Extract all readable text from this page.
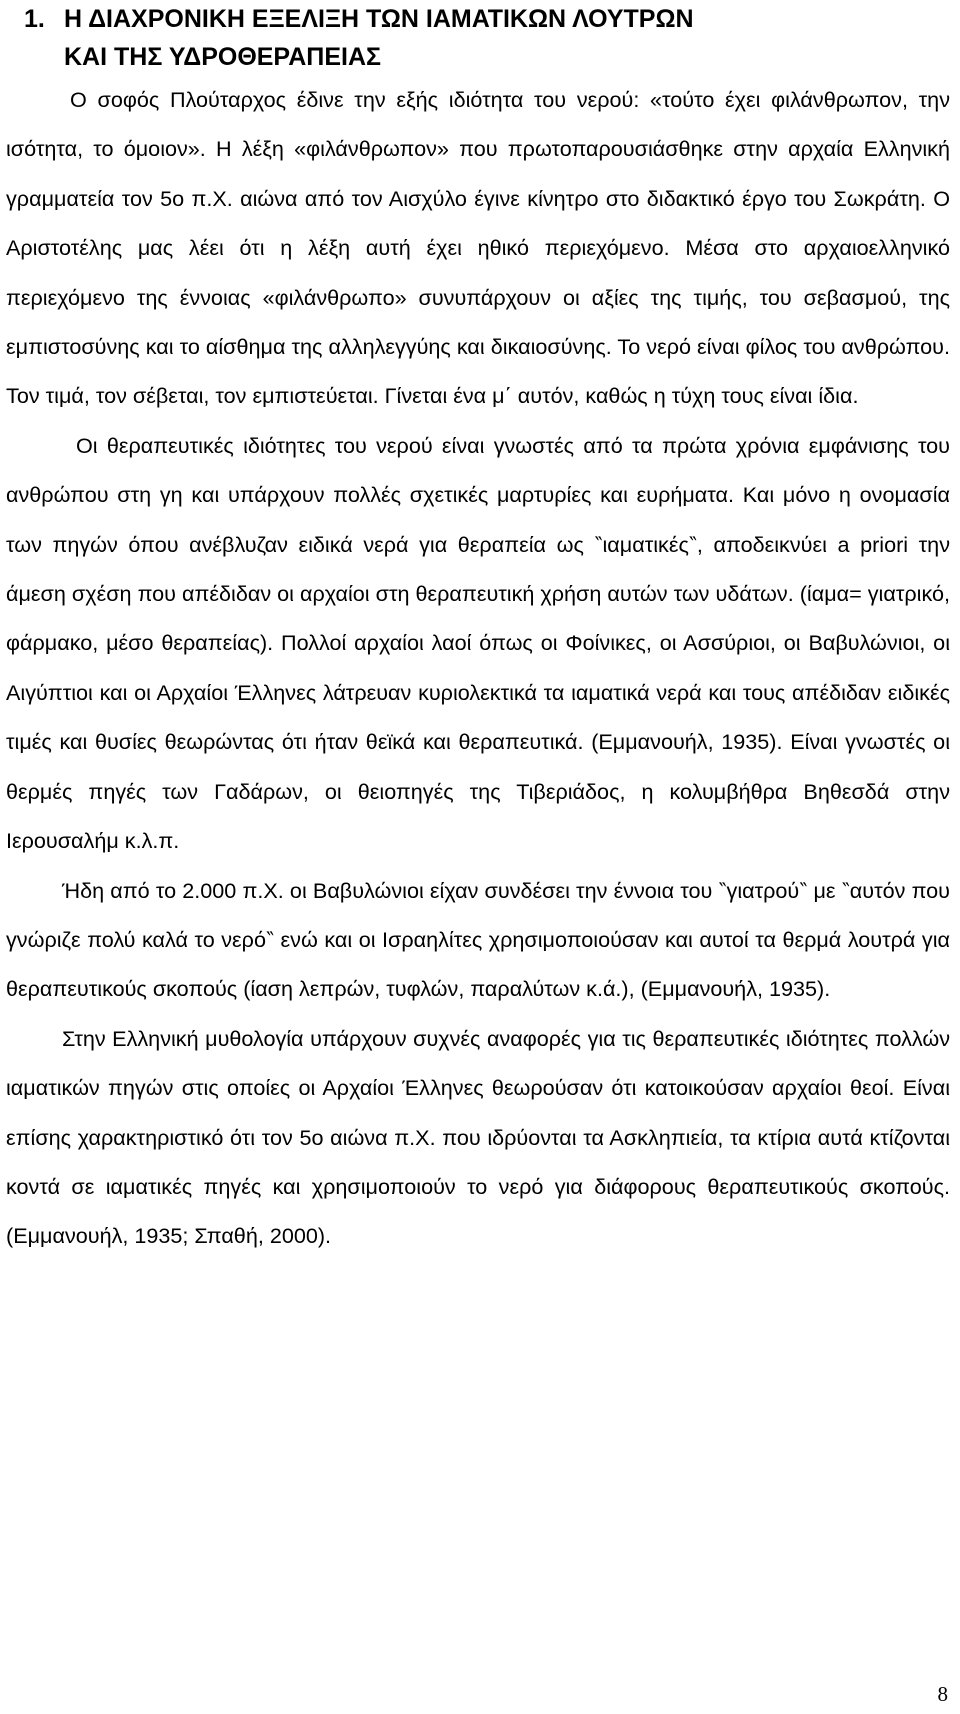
1. Η ΔΙΑΧΡΟΝΙΚΗ ΕΞΕΛΙΞΗ ΤΩΝ ΙΑΜΑΤΙΚΩΝ ΛΟΥΤΡΩΝ
ΚΑΙ ΤΗΣ ΥΔΡΟΘΕΡΑΠΕΙΑΣ

Ο σοφός Πλούταρχος έδινε την εξής ιδιότητα του νερού: «τούτο έχει φιλάνθρωπον, την ισότητα, το όμοιον». Η λέξη «φιλάνθρωπον» που πρωτοπαρουσιάσθηκε στην αρχαία Ελληνική γραμματεία τον 5ο π.Χ. αιώνα από τον Αισχύλο έγινε κίνητρο στο διδακτικό έργο του Σωκράτη. Ο Αριστοτέλης μας λέει ότι η λέξη αυτή έχει ηθικό περιεχόμενο. Μέσα στο αρχαιοελληνικό περιεχόμενο της έννοιας «φιλάνθρωπο» συνυπάρχουν οι αξίες της τιμής, του σεβασμού, της εμπιστοσύνης και το αίσθημα της αλληλεγγύης και δικαιοσύνης. Το νερό είναι φίλος του ανθρώπου. Τον τιμά, τον σέβεται, τον εμπιστεύεται. Γίνεται ένα μ΄ αυτόν, καθώς η τύχη τους είναι ίδια.

Οι θεραπευτικές ιδιότητες του νερού είναι γνωστές από τα πρώτα χρόνια εμφάνισης του ανθρώπου στη γη και υπάρχουν πολλές σχετικές μαρτυρίες και ευρήματα. Και μόνο η ονομασία των πηγών όπου ανέβλυζαν ειδικά νερά για θεραπεία ως ‶ιαματικές‶, αποδεικνύει a priori την άμεση σχέση που απέδιδαν οι αρχαίοι στη θεραπευτική χρήση αυτών των υδάτων. (ίαμα= γιατρικό, φάρμακο, μέσο θεραπείας). Πολλοί αρχαίοι λαοί όπως οι Φοίνικες, οι Ασσύριοι, οι Βαβυλώνιοι, οι Αιγύπτιοι και οι Αρχαίοι Έλληνες λάτρευαν κυριολεκτικά τα ιαματικά νερά και τους απέδιδαν ειδικές τιμές και θυσίες θεωρώντας ότι ήταν θεϊκά και θεραπευτικά. (Εμμανουήλ, 1935). Είναι γνωστές οι θερμές πηγές των Γαδάρων, οι θειοπηγές της Τιβεριάδος, η κολυμβήθρα Βηθεσδά στην Ιερουσαλήμ κ.λ.π.

Ήδη από το 2.000 π.Χ. οι Βαβυλώνιοι είχαν συνδέσει την έννοια του ‶γιατρού‶ με ‶αυτόν που γνώριζε πολύ καλά το νερό‶ ενώ και οι Ισραηλίτες χρησιμοποιούσαν και αυτοί τα θερμά λουτρά για θεραπευτικούς σκοπούς (ίαση λεπρών, τυφλών, παραλύτων κ.ά.), (Εμμανουήλ, 1935).

Στην Ελληνική μυθολογία υπάρχουν συχνές αναφορές για τις θεραπευτικές ιδιότητες πολλών ιαματικών πηγών στις οποίες οι Αρχαίοι Έλληνες θεωρούσαν ότι κατοικούσαν αρχαίοι θεοί. Είναι επίσης χαρακτηριστικό ότι τον 5ο αιώνα π.Χ. που ιδρύονται τα Ασκληπιεία, τα κτίρια αυτά κτίζονται κοντά σε ιαματικές πηγές και χρησιμοποιούν το νερό για διάφορους θεραπευτικούς σκοπούς. (Εμμανουήλ, 1935; Σπαθή, 2000).

8
